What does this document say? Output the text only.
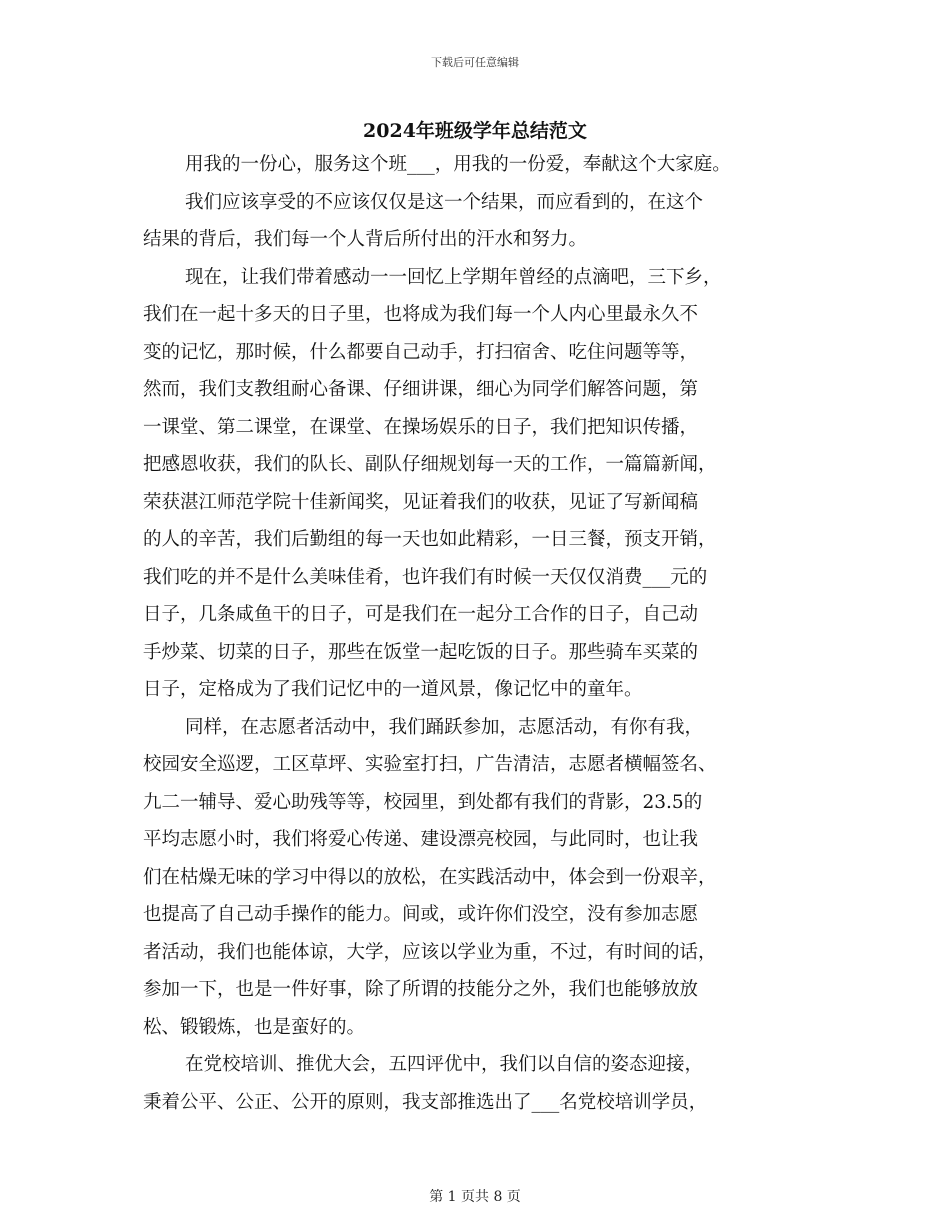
下载后可任意编辑
2024年班级学年总结范文
用我的一份心，服务这个班___，用我的一份爱，奉献这个大家庭。
我们应该享受的不应该仅仅是这一个结果，而应看到的，在这个
结果的背后，我们每一个人背后所付出的汗水和努力。
现在，让我们带着感动一一回忆上学期年曾经的点滴吧，三下乡，
我们在一起十多天的日子里，也将成为我们每一个人内心里最永久不
变的记忆，那时候，什么都要自己动手，打扫宿舍、吃住问题等等，
然而，我们支教组耐心备课、仔细讲课，细心为同学们解答问题，第
一课堂、第二课堂，在课堂、在操场娱乐的日子，我们把知识传播，
把感恩收获，我们的队长、副队仔细规划每一天的工作，一篇篇新闻，
荣获湛江师范学院十佳新闻奖，见证着我们的收获，见证了写新闻稿
的人的辛苦，我们后勤组的每一天也如此精彩，一日三餐，预支开销，
我们吃的并不是什么美味佳肴，也许我们有时候一天仅仅消费___元的
日子，几条咸鱼干的日子，可是我们在一起分工合作的日子，自己动
手炒菜、切菜的日子，那些在饭堂一起吃饭的日子。那些骑车买菜的
日子，定格成为了我们记忆中的一道风景，像记忆中的童年。
同样，在志愿者活动中，我们踊跃参加，志愿活动，有你有我，
校园安全巡逻，工区草坪、实验室打扫，广告清洁，志愿者横幅签名、
九二一辅导、爱心助残等等，校园里，到处都有我们的背影，23.5的
平均志愿小时，我们将爱心传递、建设漂亮校园，与此同时，也让我
们在枯燥无味的学习中得以的放松，在实践活动中，体会到一份艰辛，
也提高了自己动手操作的能力。间或，或许你们没空，没有参加志愿
者活动，我们也能体谅，大学，应该以学业为重，不过，有时间的话，
参加一下，也是一件好事，除了所谓的技能分之外，我们也能够放放
松、锻锻炼，也是蛮好的。
在党校培训、推优大会，五四评优中，我们以自信的姿态迎接，
秉着公平、公正、公开的原则，我支部推选出了___名党校培训学员，
第 1 页共 8 页
